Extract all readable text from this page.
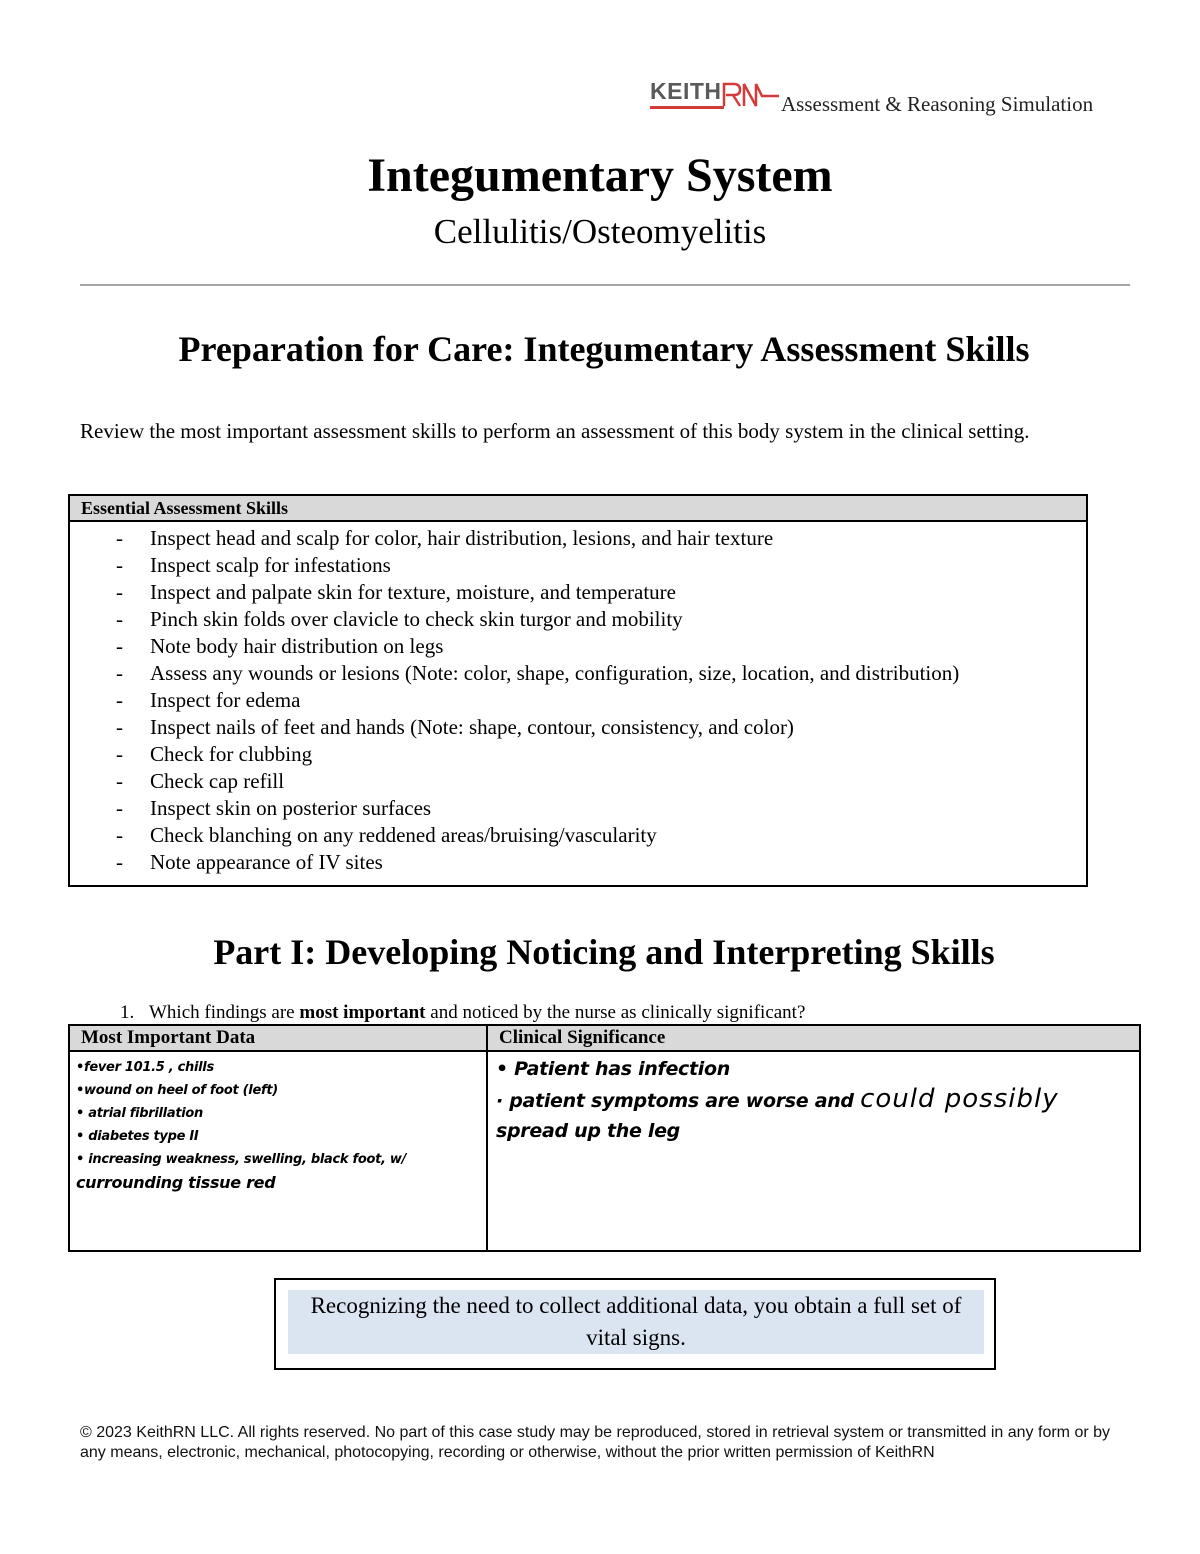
KEITH	Assessment & Reasoning Simulation
Integumentary System
Cellulitis/Osteomyelitis
Preparation for Care: Integumentary Assessment Skills
Review the most important assessment skills to perform an assessment of this body system in the clinical setting.
Essential Assessment Skills
- Inspect head and scalp for color, hair distribution, lesions, and hair texture
- Inspect scalp for infestations
- Inspect and palpate skin for texture, moisture, and temperature
- Pinch skin folds over clavicle to check skin turgor and mobility
- Note body hair distribution on legs
- Assess any wounds or lesions (Note: color, shape, configuration, size, location, and distribution)
- Inspect for edema
- Inspect nails of feet and hands (Note: shape, contour, consistency, and color)
- Check for clubbing
- Check cap refill
- Inspect skin on posterior surfaces
- Check blanching on any reddened areas/bruising/vascularity
- Note appearance of IV sites
Part I: Developing Noticing and Interpreting Skills
1. Which findings are most important and noticed by the nurse as clinically significant?
Most Important Data
•fever 101.5 , chills
•wound on heel of foot (left)
• atrial fibrillation
• diabetes type II
• increasing weakness, swelling, black foot, w/
currounding tissue red
Clinical Significance
• Patient has infection
· patient symptoms are worse and could possibly
spread up the leg
Recognizing the need to collect additional data, you obtain a full set of vital signs.
© 2023 KeithRN LLC. All rights reserved. No part of this case study may be reproduced, stored in retrieval system or transmitted in any form or by any means, electronic, mechanical, photocopying, recording or otherwise, without the prior written permission of KeithRN
